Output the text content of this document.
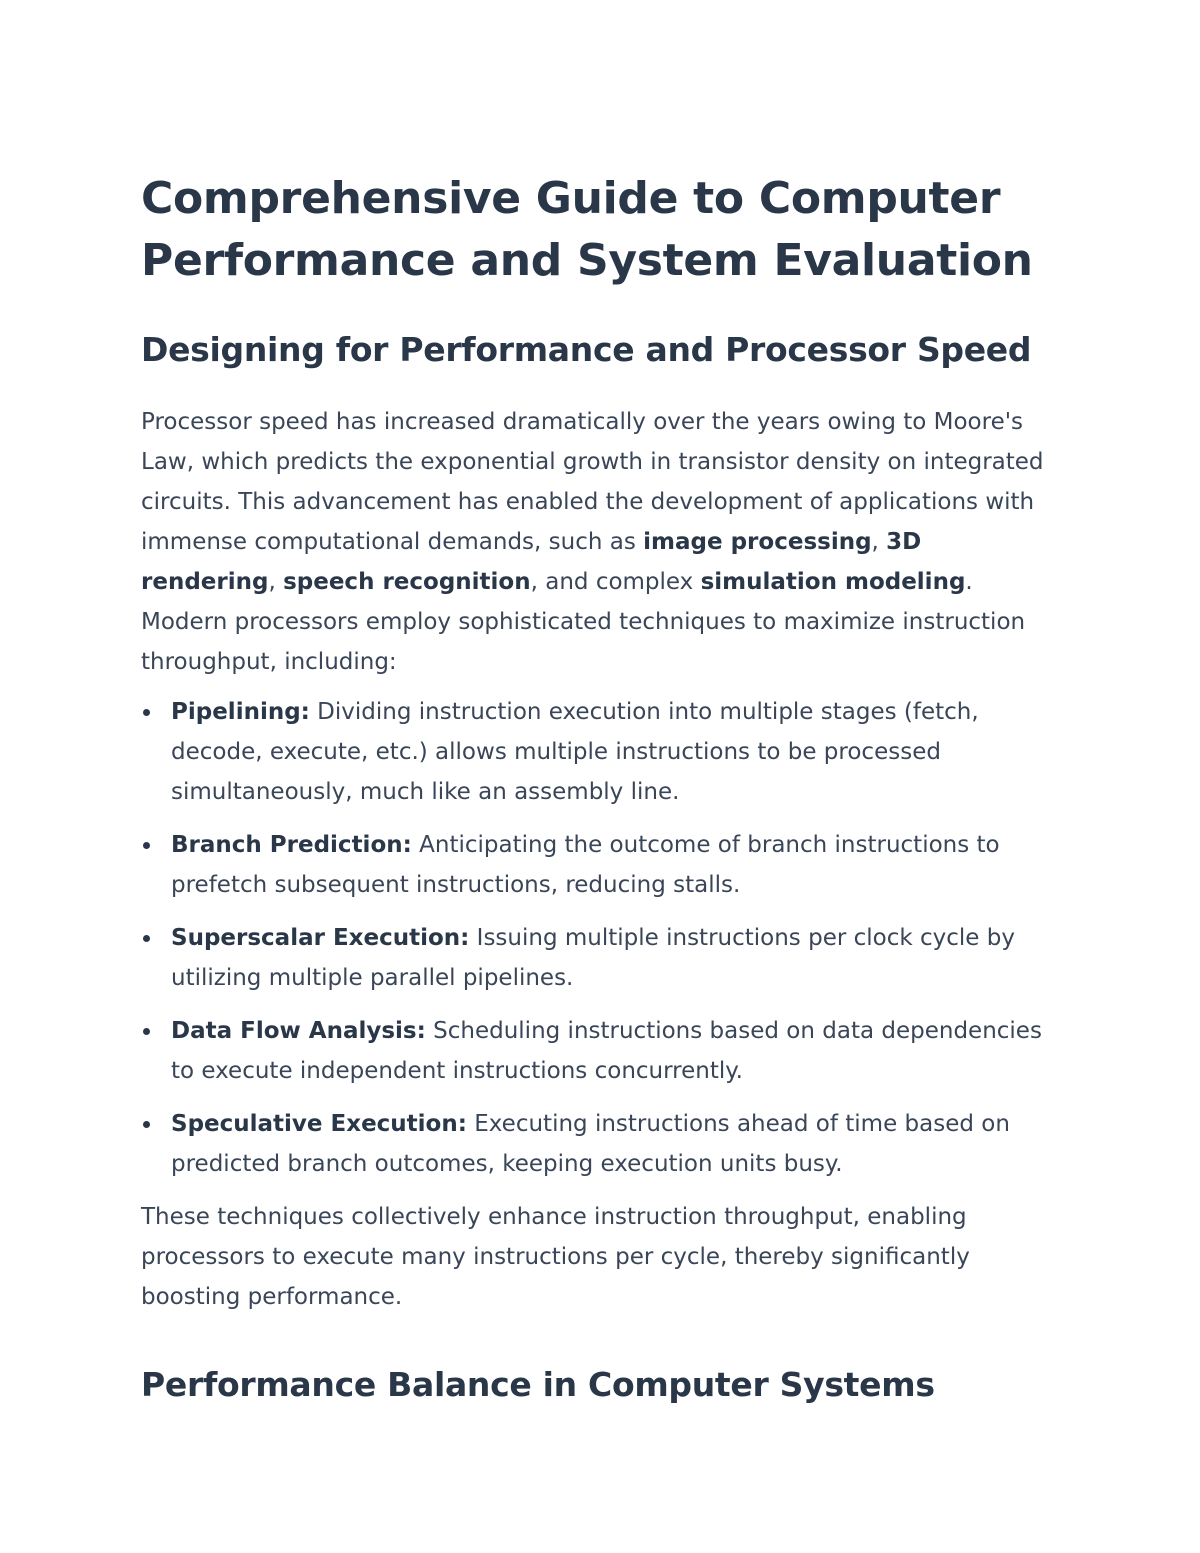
Comprehensive Guide to Computer Performance and System Evaluation
Designing for Performance and Processor Speed

Processor speed has increased dramatically over the years owing to Moore's Law, which predicts the exponential growth in transistor density on integrated circuits. This advancement has enabled the development of applications with immense computational demands, such as image processing, 3D rendering, speech recognition, and complex simulation modeling. Modern processors employ sophisticated techniques to maximize instruction throughput, including:

Pipelining: Dividing instruction execution into multiple stages (fetch, decode, execute, etc.) allows multiple instructions to be processed simultaneously, much like an assembly line.
Branch Prediction: Anticipating the outcome of branch instructions to prefetch subsequent instructions, reducing stalls.
Superscalar Execution: Issuing multiple instructions per clock cycle by utilizing multiple parallel pipelines.
Data Flow Analysis: Scheduling instructions based on data dependencies to execute independent instructions concurrently.
Speculative Execution: Executing instructions ahead of time based on predicted branch outcomes, keeping execution units busy.

These techniques collectively enhance instruction throughput, enabling processors to execute many instructions per cycle, thereby significantly boosting performance.

Performance Balance in Computer Systems
